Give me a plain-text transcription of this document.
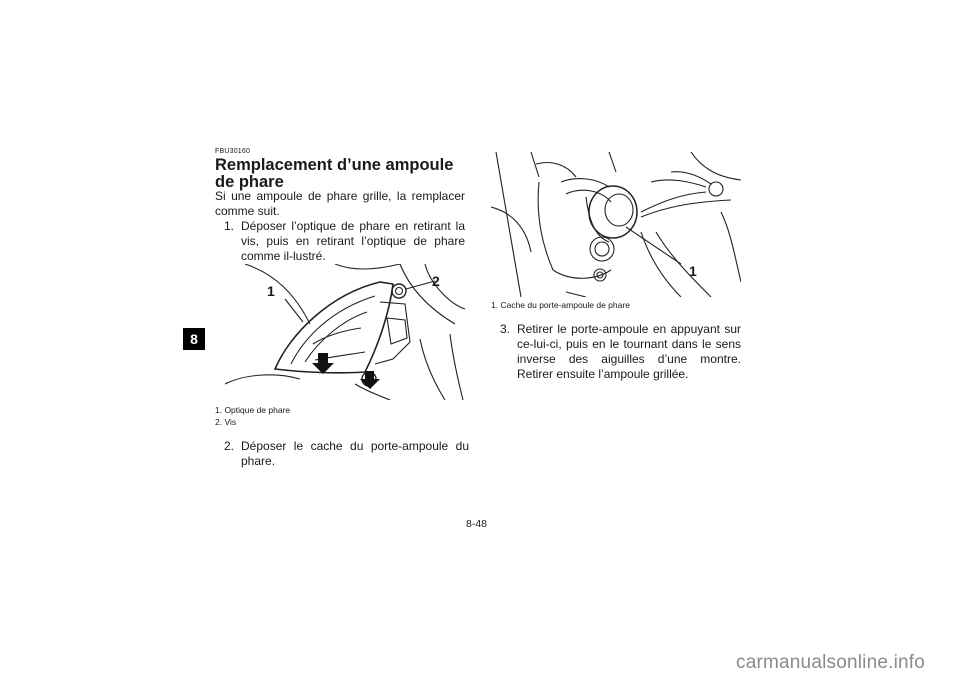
8
FBU30160
Remplacement d’une ampoule de phare
Si une ampoule de phare grille, la remplacer comme suit.
1. Déposer l’optique de phare en retirant la vis, puis en retirant l’optique de phare comme il-lustré.
1
2
1. Optique de phare
2. Vis
2. Déposer le cache du porte-ampoule du phare.
1
1. Cache du porte-ampoule de phare
3. Retirer le porte-ampoule en appuyant sur ce-lui-ci, puis en le tournant dans le sens inverse des aiguilles d’une montre. Retirer ensuite l’ampoule grillée.
8-48
carmanualsonline.info
